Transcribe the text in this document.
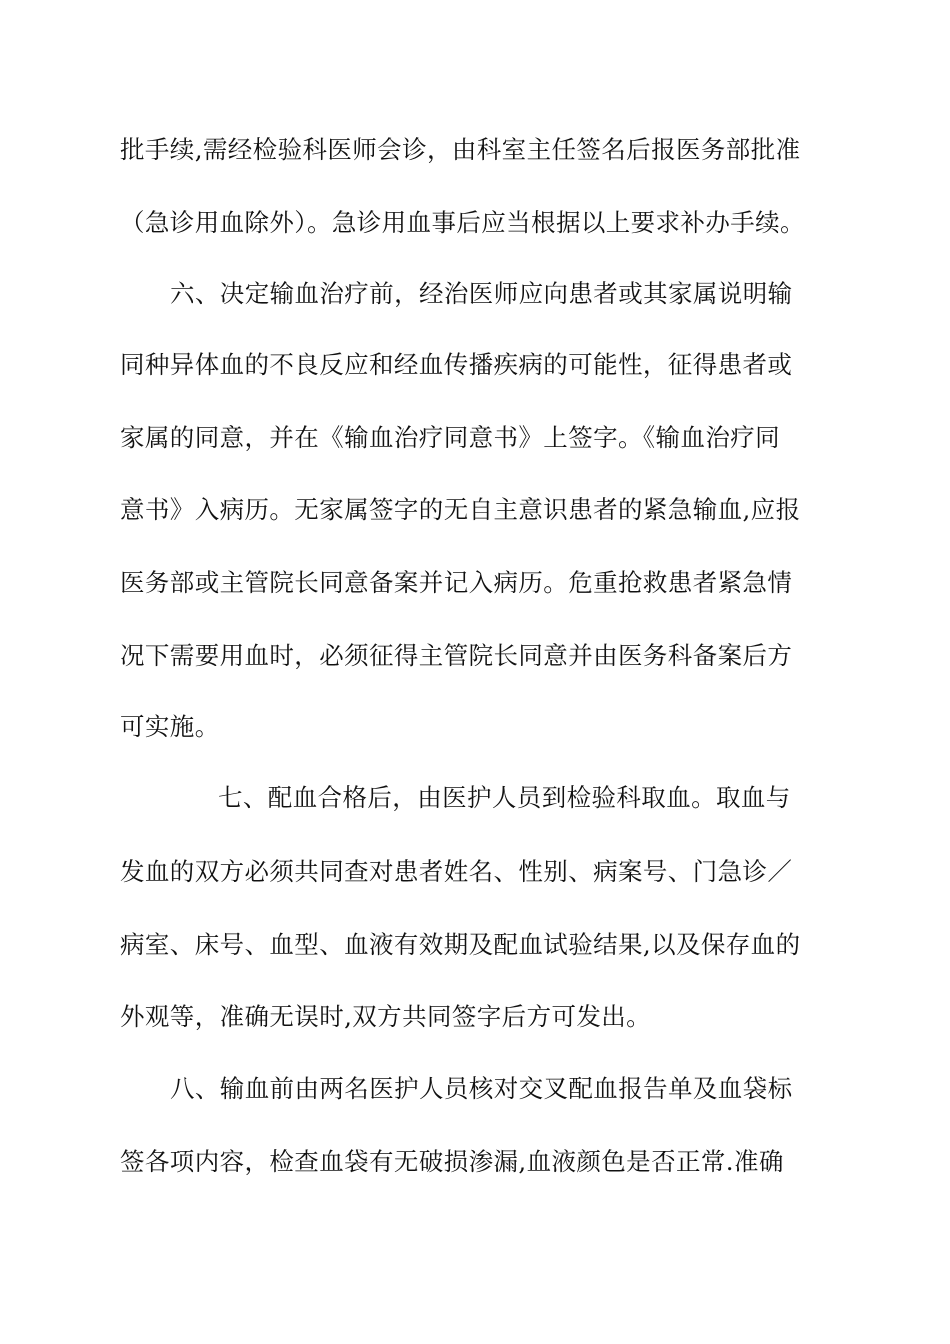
批手续,需经检验科医师会诊，由科室主任签名后报医务部批准
（急诊用血除外）。急诊用血事后应当根据以上要求补办手续。
六、决定输血治疗前，经治医师应向患者或其家属说明输
同种异体血的不良反应和经血传播疾病的可能性，征得患者或
家属的同意，并在《输血治疗同意书》上签字。《输血治疗同
意书》入病历。无家属签字的无自主意识患者的紧急输血,应报
医务部或主管院长同意备案并记入病历。危重抢救患者紧急情
况下需要用血时，必须征得主管院长同意并由医务科备案后方
可实施。
七、配血合格后，由医护人员到检验科取血。取血与
发血的双方必须共同查对患者姓名、性别、病案号、门急诊／
病室、床号、血型、血液有效期及配血试验结果,以及保存血的
外观等，准确无误时,双方共同签字后方可发出。
八、输血前由两名医护人员核对交叉配血报告单及血袋标
签各项内容，检查血袋有无破损渗漏,血液颜色是否正常.准确
